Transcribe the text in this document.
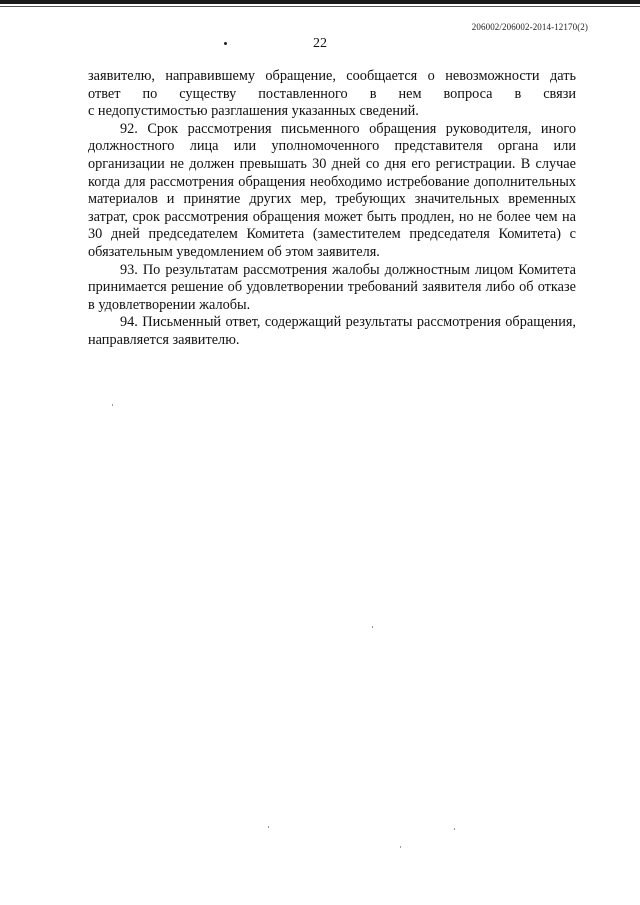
206002/206002-2014-12170(2)
22

заявителю, направившему обращение, сообщается о невозможности дать
ответ по существу поставленного в нем вопроса в связи
с недопустимостью разглашения указанных сведений.

92. Срок рассмотрения письменного обращения руководителя, иного должностного лица или уполномоченного представителя органа или организации не должен превышать 30 дней со дня его регистрации. В случае когда для рассмотрения обращения необходимо истребование дополнительных материалов и принятие других мер, требующих значительных временных затрат, срок рассмотрения обращения может быть продлен, но не более чем на 30 дней председателем Комитета (заместителем председателя Комитета) с обязательным уведомлением об этом заявителя.

93. По результатам рассмотрения жалобы должностным лицом Комитета принимается решение об удовлетворении требований заявителя либо об отказе в удовлетворении жалобы.

94. Письменный ответ, содержащий результаты рассмотрения обращения, направляется заявителю.
